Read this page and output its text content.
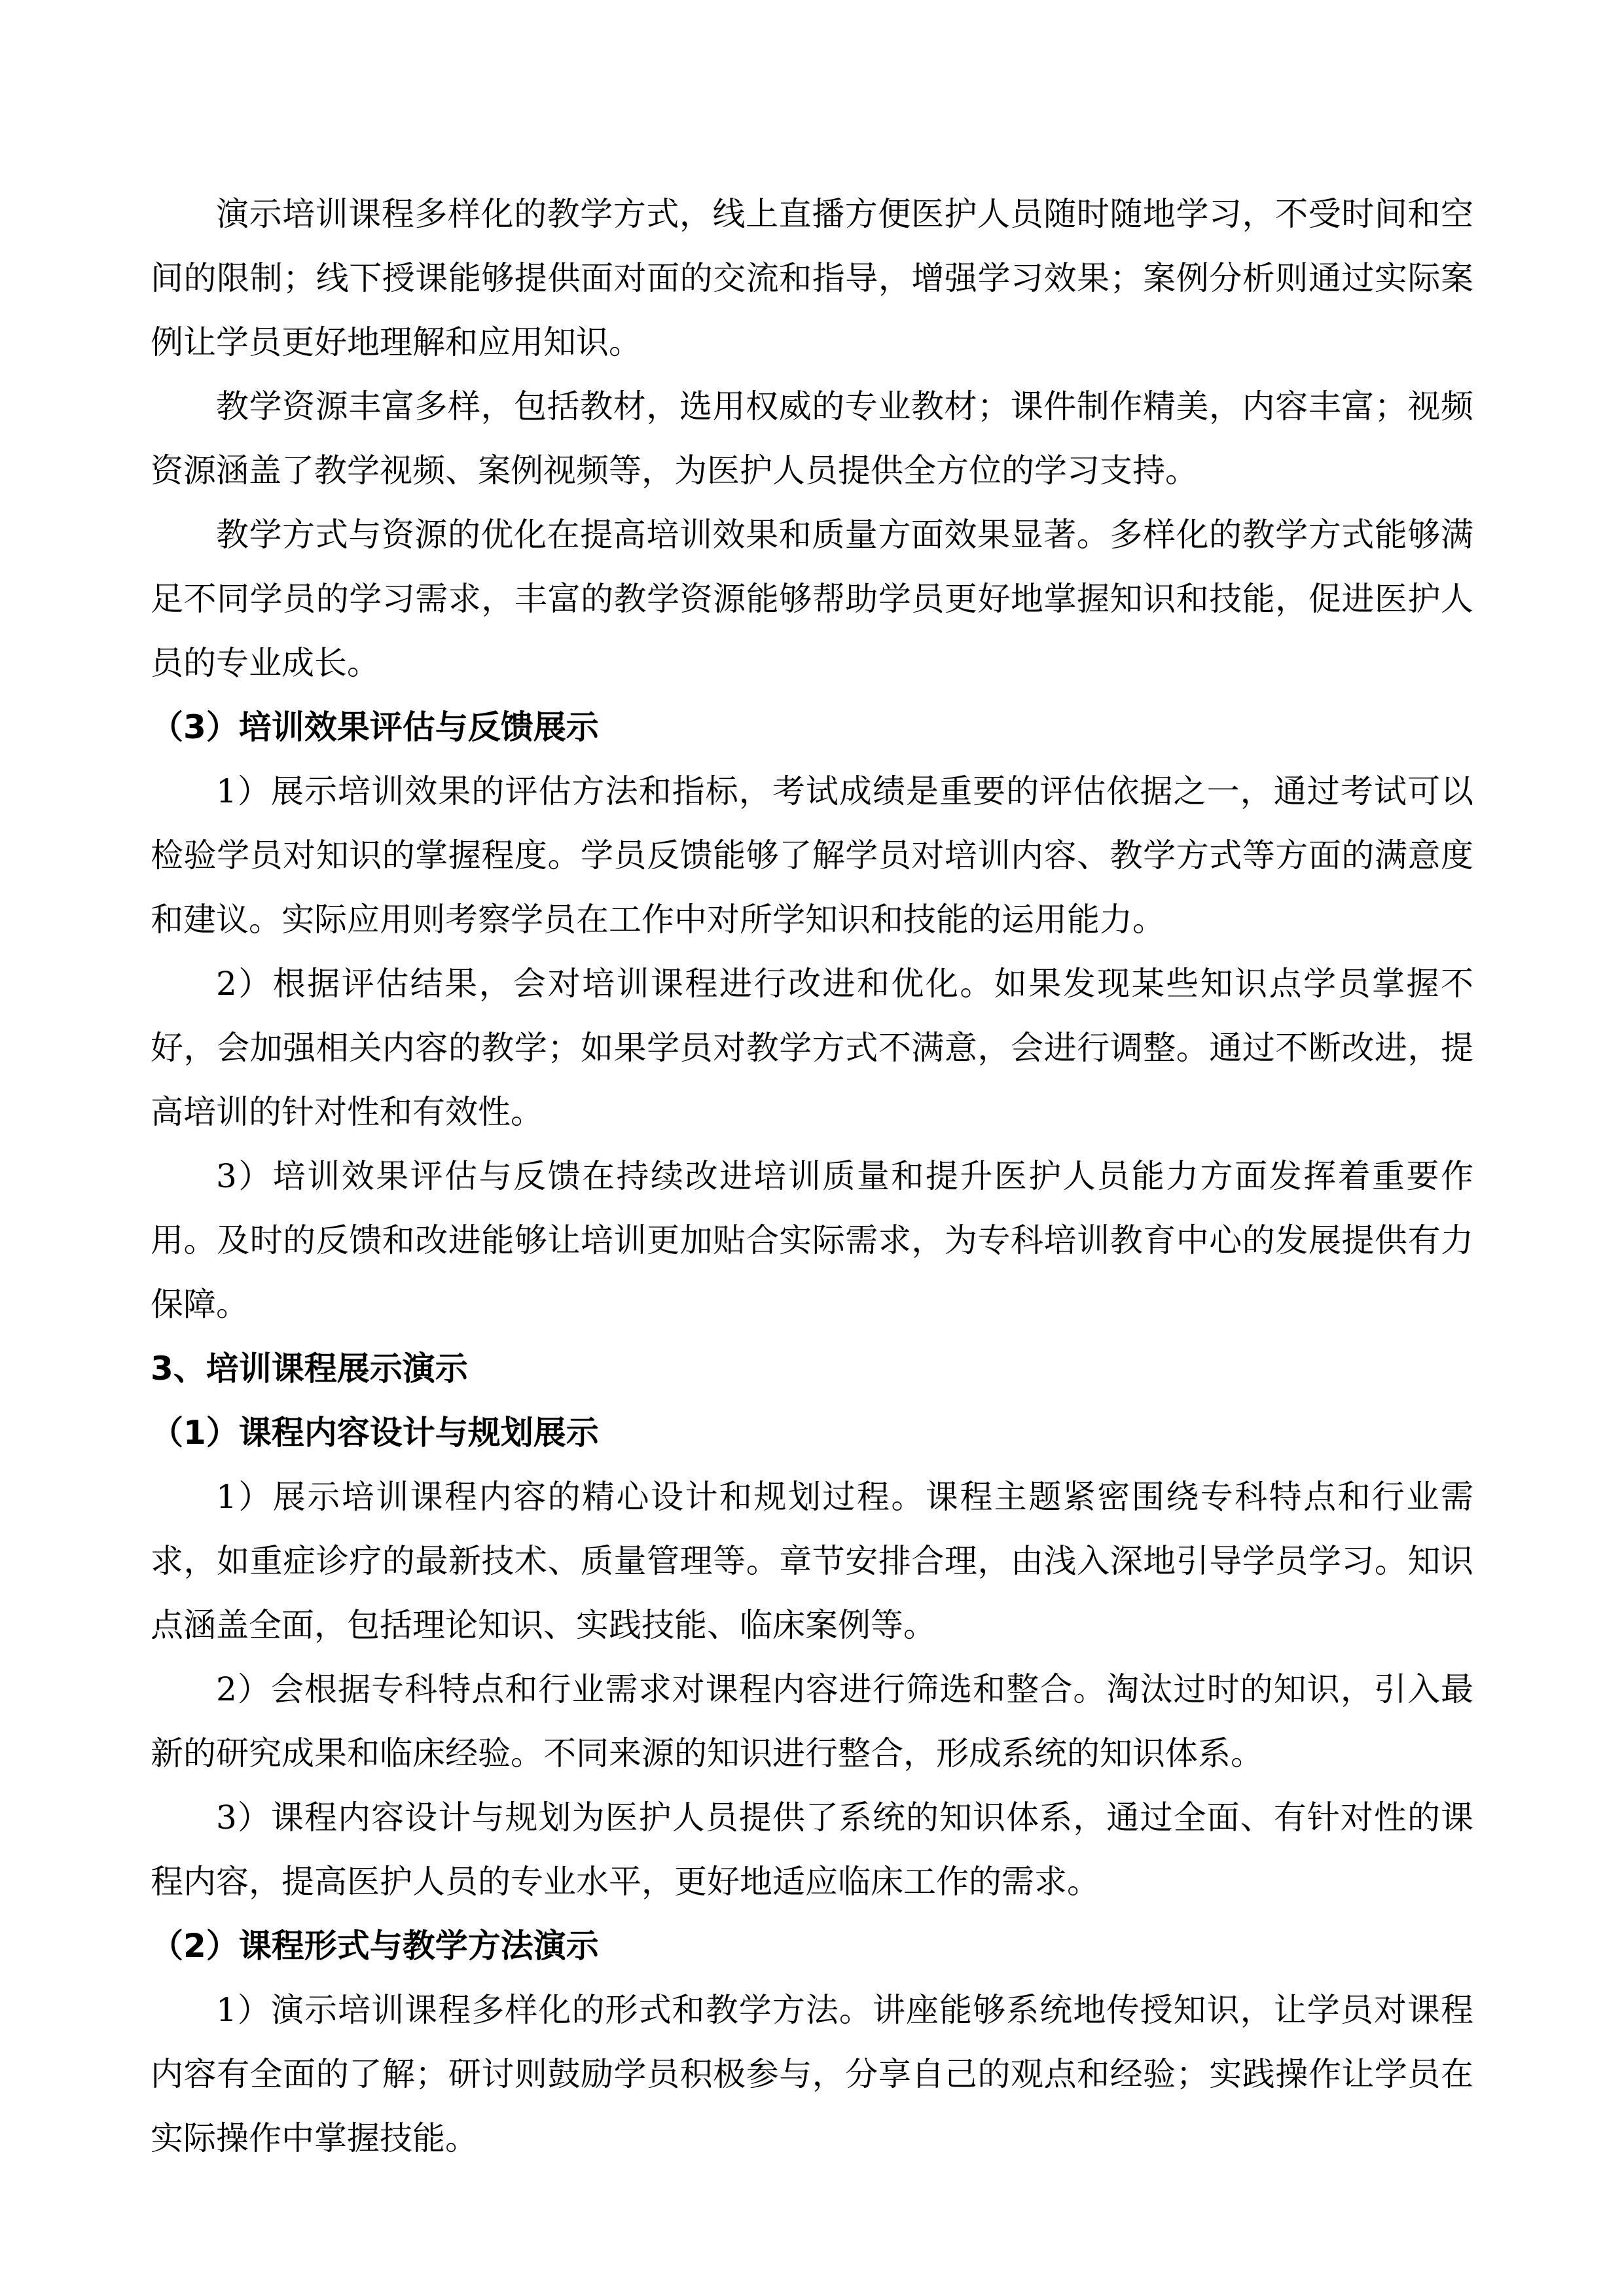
演示培训课程多样化的教学方式，线上直播方便医护人员随时随地学习，不受时间和空间的限制；线下授课能够提供面对面的交流和指导，增强学习效果；案例分析则通过实际案例让学员更好地理解和应用知识。

教学资源丰富多样，包括教材，选用权威的专业教材；课件制作精美，内容丰富；视频资源涵盖了教学视频、案例视频等，为医护人员提供全方位的学习支持。

教学方式与资源的优化在提高培训效果和质量方面效果显著。多样化的教学方式能够满足不同学员的学习需求，丰富的教学资源能够帮助学员更好地掌握知识和技能，促进医护人员的专业成长。

（3）培训效果评估与反馈展示

1）展示培训效果的评估方法和指标，考试成绩是重要的评估依据之一，通过考试可以检验学员对知识的掌握程度。学员反馈能够了解学员对培训内容、教学方式等方面的满意度和建议。实际应用则考察学员在工作中对所学知识和技能的运用能力。

2）根据评估结果，会对培训课程进行改进和优化。如果发现某些知识点学员掌握不好，会加强相关内容的教学；如果学员对教学方式不满意，会进行调整。通过不断改进，提高培训的针对性和有效性。

3）培训效果评估与反馈在持续改进培训质量和提升医护人员能力方面发挥着重要作用。及时的反馈和改进能够让培训更加贴合实际需求，为专科培训教育中心的发展提供有力保障。

3、培训课程展示演示

（1）课程内容设计与规划展示

1）展示培训课程内容的精心设计和规划过程。课程主题紧密围绕专科特点和行业需求，如重症诊疗的最新技术、质量管理等。章节安排合理，由浅入深地引导学员学习。知识点涵盖全面，包括理论知识、实践技能、临床案例等。

2）会根据专科特点和行业需求对课程内容进行筛选和整合。淘汰过时的知识，引入最新的研究成果和临床经验。不同来源的知识进行整合，形成系统的知识体系。

3）课程内容设计与规划为医护人员提供了系统的知识体系，通过全面、有针对性的课程内容，提高医护人员的专业水平，更好地适应临床工作的需求。

（2）课程形式与教学方法演示

1）演示培训课程多样化的形式和教学方法。讲座能够系统地传授知识，让学员对课程内容有全面的了解；研讨则鼓励学员积极参与，分享自己的观点和经验；实践操作让学员在实际操作中掌握技能。
